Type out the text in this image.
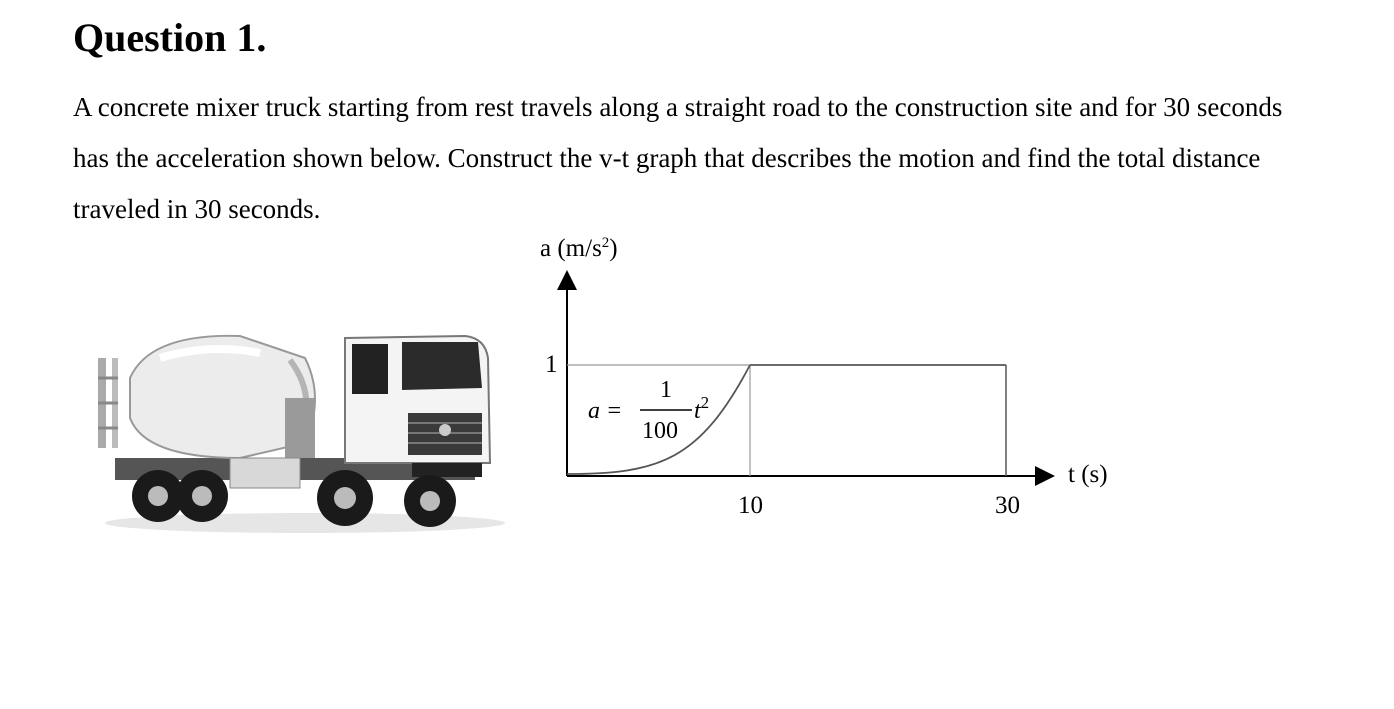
Question 1.

A concrete mixer truck starting from rest travels along a straight road to the construction site and for 30 seconds has the acceleration shown below. Construct the v-t graph that describes the motion and find the total distance traveled in 30 seconds.

a $(m/s^2)$
1
a =
1
100
$t^2$
10	30
t (s)
